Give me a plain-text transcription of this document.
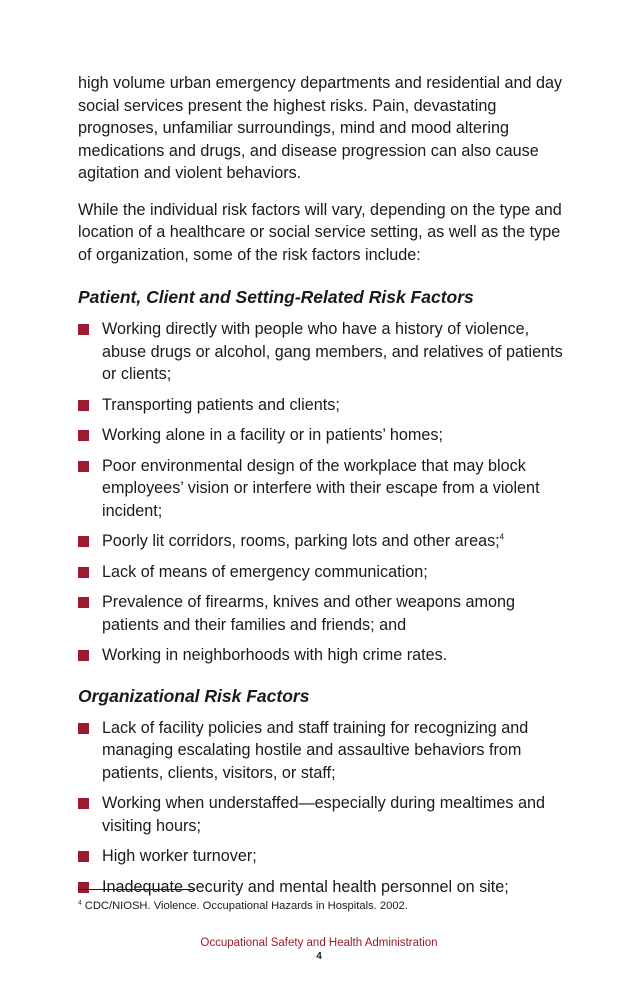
high volume urban emergency departments and residential and day social services present the highest risks. Pain, devastating prognoses, unfamiliar surroundings, mind and mood altering medications and drugs, and disease progression can also cause agitation and violent behaviors.

While the individual risk factors will vary, depending on the type and location of a healthcare or social service setting, as well as the type of organization, some of the risk factors include:

Patient, Client and Setting-Related Risk Factors
Working directly with people who have a history of violence, abuse drugs or alcohol, gang members, and relatives of patients or clients;
Transporting patients and clients;
Working alone in a facility or in patients’ homes;
Poor environmental design of the workplace that may block employees’ vision or interfere with their escape from a violent incident;
Poorly lit corridors, rooms, parking lots and other areas;$^4$
Lack of means of emergency communication;
Prevalence of firearms, knives and other weapons among patients and their families and friends; and
Working in neighborhoods with high crime rates.
Organizational Risk Factors
Lack of facility policies and staff training for recognizing and managing escalating hostile and assaultive behaviors from patients, clients, visitors, or staff;
Working when understaffed—especially during mealtimes and visiting hours;
High worker turnover;
Inadequate security and mental health personnel on site;
$^4$ CDC/NIOSH. Violence. Occupational Hazards in Hospitals. 2002.
Occupational Safety and Health Administration
4
